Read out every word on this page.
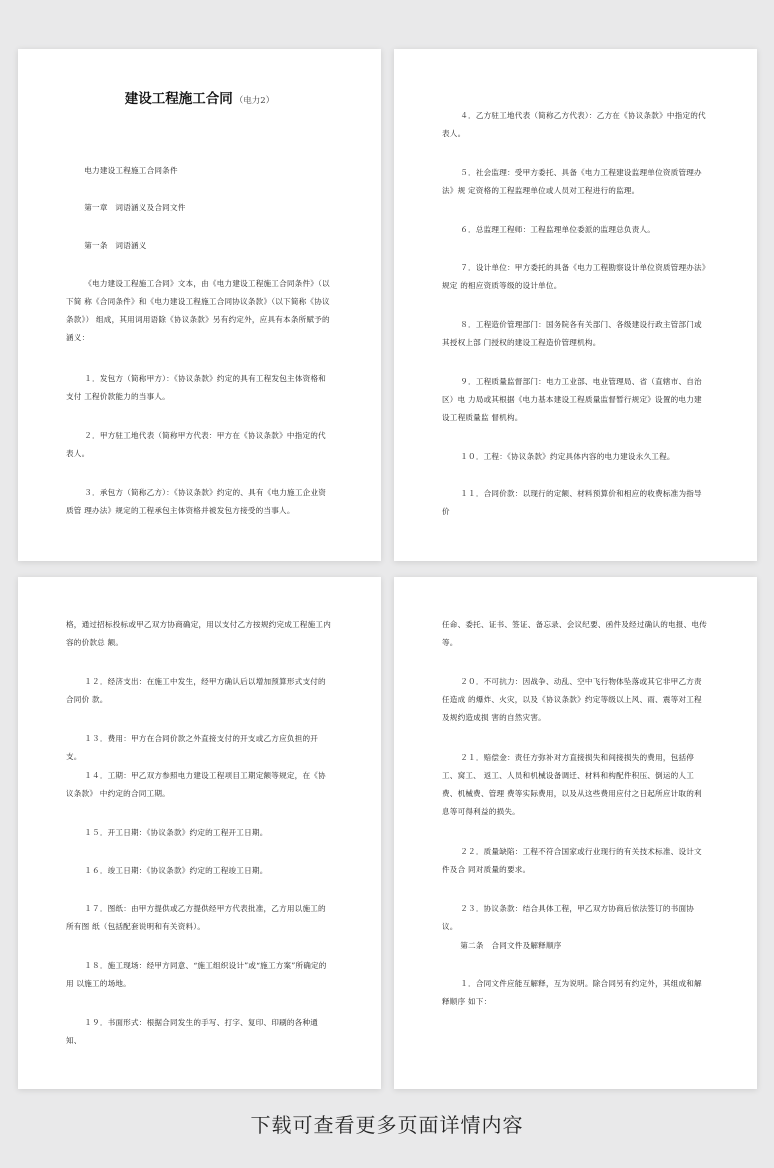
建设工程施工合同 （电力2）

电力建设工程施工合同条件

第一章　词语涵义及合同文件

第一条　词语涵义

《电力建设工程施工合同》文本，由《电力建设工程施工合同条件》（以下简 称《合同条件》和《电力建设工程施工合同协议条款》（以下简称《协议条款》） 组成，其用词用语除《协议条款》另有约定外，应具有本条所赋予的涵义：

１．发包方（简称甲方）：《协议条款》约定的具有工程发包主体资格和支付 工程价款能力的当事人。

２．甲方驻工地代表（简称甲方代表：甲方在《协议条款》中指定的代表人。

３．承包方（简称乙方）：《协议条款》约定的、具有《电力施工企业资质管 理办法》规定的工程承包主体资格并被发包方接受的当事人。

４．乙方驻工地代表（简称乙方代表）：乙方在《协议条款》中指定的代表人。

５．社会监理：受甲方委托、具备《电力工程建设监理单位资质管理办法》规 定资格的工程监理单位或人员对工程进行的监理。

６．总监理工程师：工程监理单位委派的监理总负责人。

７．设计单位：甲方委托的具备《电力工程勘察设计单位资质管理办法》规定 的相应资质等级的设计单位。

８．工程造价管理部门：国务院各有关部门、各级建设行政主管部门或其授权上部 门授权的建设工程造价管理机构。

９．工程质量监督部门：电力工业部、电业管理局、省（直辖市、自治区）电 力局或其根据《电力基本建设工程质量监督暂行规定》设置的电力建设工程质量监 督机构。

１０．工程：《协议条款》约定具体内容的电力建设永久工程。

１１．合同价款：以现行的定额、材料预算价和相应的收费标准为指导价

格，通过招标投标或甲乙双方协商确定，用以支付乙方按规约完成工程施工内容的价款总 额。

１２．经济支出：在施工中发生，经甲方确认后以增加预算形式支付的合同价 款。

１３．费用：甲方在合同价款之外直接支付的开支或乙方应负担的开支。

１４．工期：甲乙双方参照电力建设工程项目工期定额等规定，在《协议条款》 中约定的合同工期。

１５．开工日期：《协议条款》约定的工程开工日期。

１６．竣工日期：《协议条款》约定的工程竣工日期。

１７．图纸：由甲方提供或乙方提供经甲方代表批准，乙方用以施工的所有图 纸（包括配套说明和有关资料）。

１８．施工现场：经甲方同意、“施工组织设计”或“施工方案”所确定的用 以施工的场地。

１９．书面形式：根据合同发生的手写、打字、复印、印刷的各种通知、

任命、委托、证书、签证、备忘录、会议纪要、函件及经过确认的电报、电传等。

２０．不可抗力：因战争、动乱、空中飞行物体坠落或其它非甲乙方责任造成 的爆炸、火灾，以及《协议条款》约定等级以上风、雨、震等对工程及规约造成损 害的自然灾害。

２１．赔偿金：责任方弥补对方直接损失和间接损失的费用，包括停工、窝工、 返工、人员和机械设备调迁、材料和构配件积压、倒运的人工费、机械费、管理 费等实际费用，以及从这些费用应付之日起所应计取的利息等可得利益的损失。

２２．质量缺陷：工程不符合国家或行业现行的有关技术标准、设计文件及合 同对质量的要求。

２３．协议条款：结合具体工程，甲乙双方协商后依法签订的书面协议。

第二条　合同文件及解释顺序

１．合同文件应能互解释，互为说明。除合同另有约定外，其组成和解释顺序 如下：

下载可查看更多页面详情内容
